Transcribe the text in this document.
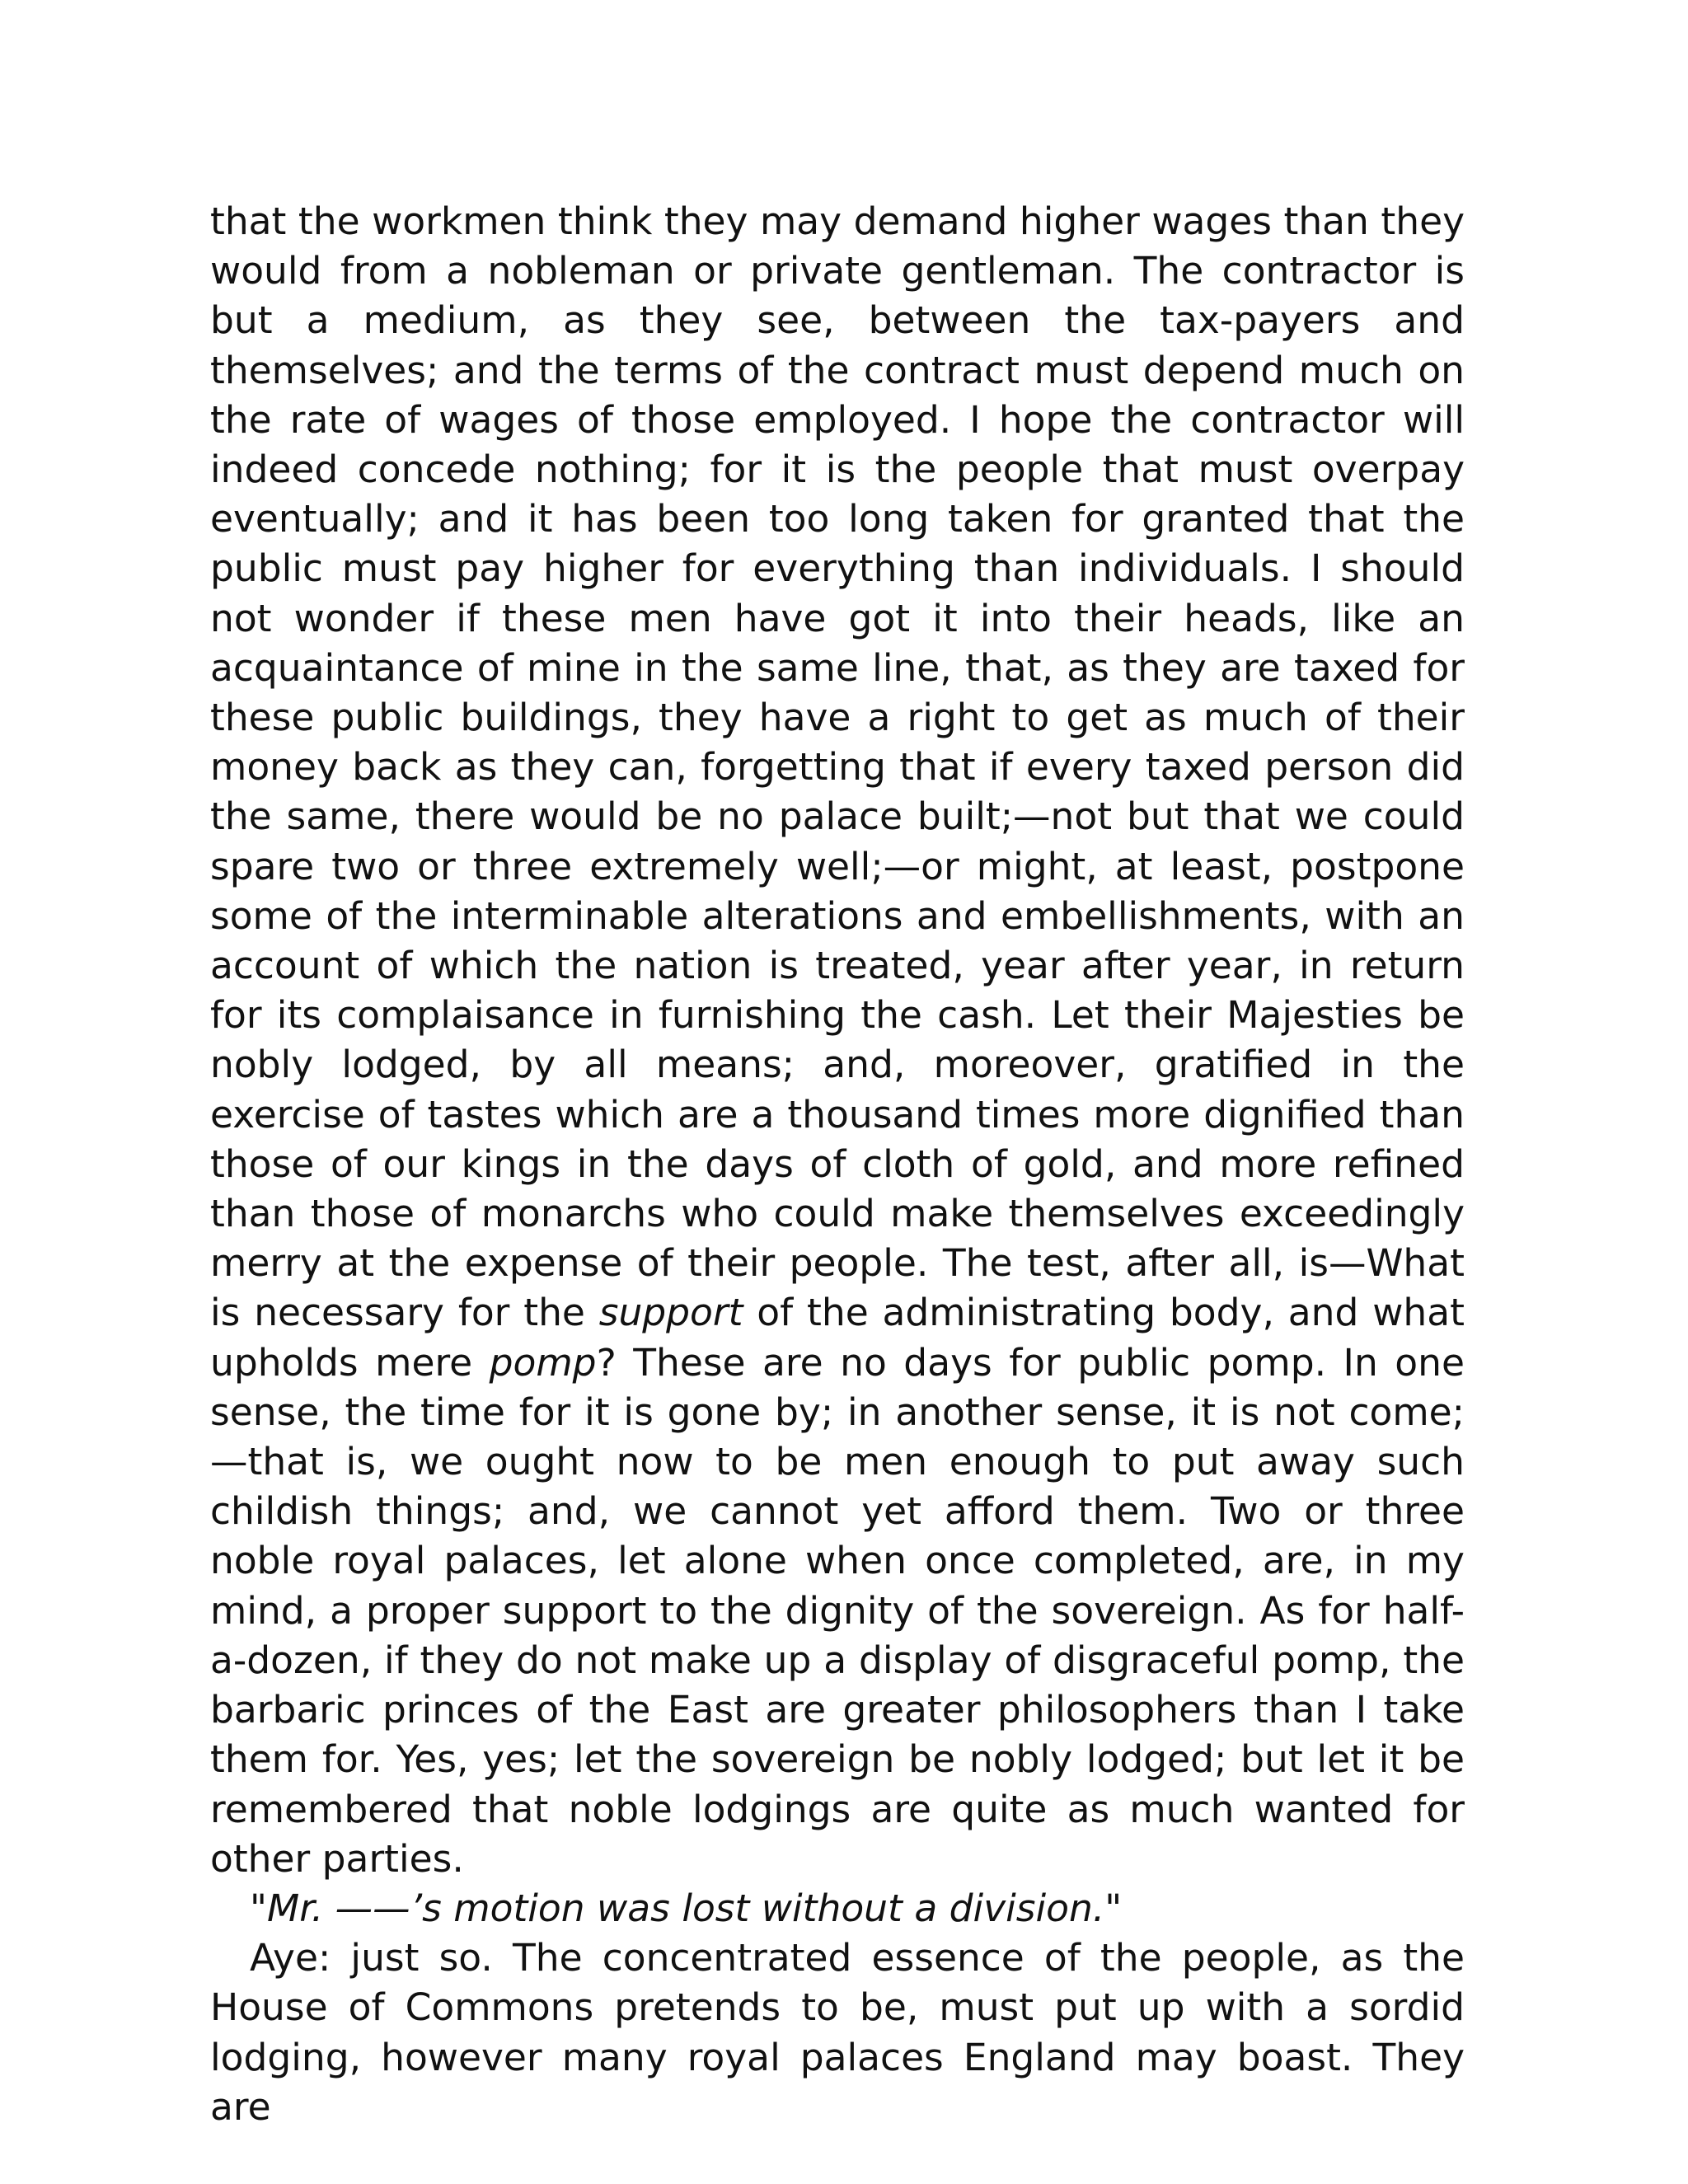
that the workmen think they may demand higher wages than they would from a nobleman or private gentleman. The contractor is but a medium, as they see, between the tax-payers and themselves; and the terms of the contract must depend much on the rate of wages of those employed. I hope the contractor will indeed concede nothing; for it is the people that must overpay eventually; and it has been too long taken for granted that the public must pay higher for everything than individuals. I should not wonder if these men have got it into their heads, like an acquaintance of mine in the same line, that, as they are taxed for these public buildings, they have a right to get as much of their money back as they can, forgetting that if every taxed person did the same, there would be no palace built;—not but that we could spare two or three extremely well;—or might, at least, postpone some of the interminable alterations and embellishments, with an account of which the nation is treated, year after year, in return for its complaisance in furnishing the cash. Let their Majesties be nobly lodged, by all means; and, moreover, gratified in the exercise of tastes which are a thousand times more dignified than those of our kings in the days of cloth of gold, and more refined than those of monarchs who could make themselves exceedingly merry at the expense of their people. The test, after all, is—What is necessary for the support of the administrating body, and what upholds mere pomp? These are no days for public pomp. In one sense, the time for it is gone by; in another sense, it is not come;—that is, we ought now to be men enough to put away such childish things; and, we cannot yet afford them. Two or three noble royal palaces, let alone when once completed, are, in my mind, a proper support to the dignity of the sovereign. As for half-a-dozen, if they do not make up a display of disgraceful pomp, the barbaric princes of the East are greater philosophers than I take them for. Yes, yes; let the sovereign be nobly lodged; but let it be remembered that noble lodgings are quite as much wanted for other parties.

"Mr. ——’s motion was lost without a division."

Aye: just so. The concentrated essence of the people, as the House of Commons pretends to be, must put up with a sordid lodging, however many royal palaces England may boast. They are
